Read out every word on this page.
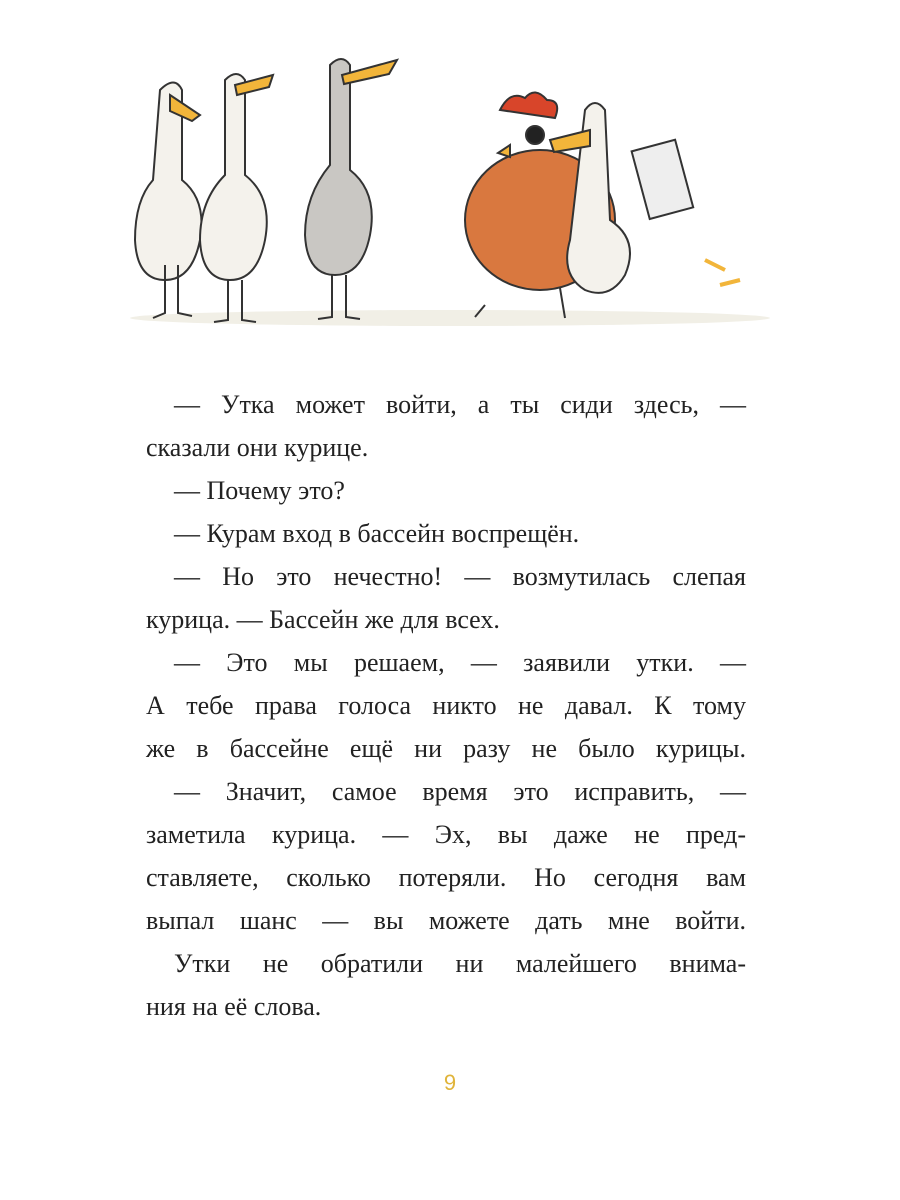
— Утка может войти, а ты сиди здесь, —
сказали они курице.
— Почему это?
— Курам вход в бассейн воспрещён.
— Но это нечестно! — возмутилась слепая
курица. — Бассейн же для всех.
— Это мы решаем, — заявили утки. —
А тебе права голоса никто не давал. К тому
же в бассейне ещё ни разу не было курицы.
— Значит, самое время это исправить, —
заметила курица. — Эх, вы даже не пред-
ставляете, сколько потеряли. Но сегодня вам
выпал шанс — вы можете дать мне войти.
Утки не обратили ни малейшего внима-
ния на её слова.
9
